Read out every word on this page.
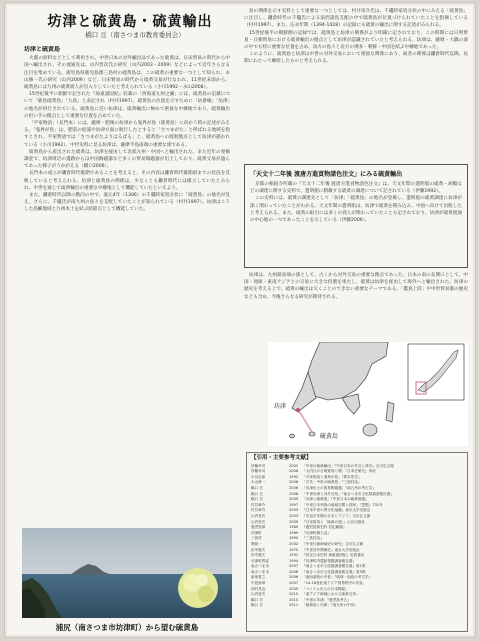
坊津と硫黄島・硫黄輸出
橋口 亘（南さつま市教育委員会）
坊津と硫黄島

火薬の原料などとして利用され、中世日本の対外輸出品であった硫黄は、日宋貿易の時代から中国へ輸出され、その流通先は、山内晋次氏の研究（山内2003・2009）などによって近年さらなる注目を集めている。鹿児島県鹿児島郡三島村の硫黄島は、この硫黄の重要な一つとして知られ、永山修一氏の研究（山内2009）など、日宋貿易の時代から硫黄交易が行なわれ、11世紀末頃から、硫黄島には九州の硫黄商人が出入りしていたと考えられている（小川1992・永山2008）。

15世紀後半に朝鮮で記された『海東諸国紀』収載の「西海道九州之圖」には、硫黄島の記載について「鹿島硫黄島」「九島」と表記され（村井1997）、硫黄島の位置を示すために「坊掛嶋」「坊津」の地名が併行されている。硫黄島に近い坊津は、硫黄輸出に極めて密接な中継地であり、硫黄輸出の担い手の拠点として重要な位置を占めていた。

「平家物語」（長門本）には、薩摩・肥後の坊津から鬼界が島（硫黄島）に向かう時の記述がみえる。「鬼界が島」は、肥前の松浦や坊津方面に航行したとすると「さつまがた」と呼ばれる地域を指すとされ、平家物語では「さつまがたよりはるばる」と、硫黄島への渡航拠点として坊津が描かれている（小川1992）。中世史料に見る坊津は、薩摩半島南端の重要な湊である。

硫黄島から産出された硫黄は、坊津を経由して北部九州・中国へと輸出された。また近年の発掘調査で、坊津周辺の遺跡からは中国陶磁器など多くの貿易陶磁器が出土しており、硫黄交易が盛んであった様子がうかがえる（橋口2006）。

長門本の成立が鎌倉時代後期であることを考えると、その内容は鎌倉時代後期頃までの状況を反映していると考えられる。坊津と硫黄島の関係は、少なくとも鎌倉時代には確立していたとみられ、中世を通じて硫黄輸出の重要な中継地として機能していたといえよう。

また、鎌倉時代以降の動向の中で、嘉元4年（1306）の千竈時家処分状に「硫黄島」の地名が見え、さらに、千竈氏が南九州の島々を支配していたことが知られている（村井1997）。坊津はこうした島嶼地域と九州本土を結ぶ結節点として機能していた。

島の関係を示す史料として重要な一つとしては、村井章介氏は、千竈時家処分状の中にみえる「硫黄島」に注目し、鎌倉時代の千竈氏による南西諸島支配の中で硫黄島が位置づけられていたことを指摘している（村井1997）。また、応永年間（1394-1428）の記録にも硫黄の輸出に関する記述がみられる。

15世紀後半の朝鮮側の記録では、硫黄島と坊津の関係がより明確に記されており、この時期には日明貿易・日朝貿易における硫黄輸出の拠点として坊津が認識されていたと考えられる。坊津は、薩摩・大隅の湊の中でも特に重要な位置を占め、南方の島々と北方の博多・朝鮮・中国を結ぶ中継地であった。

このように、硫黄島と坊津は中世の対外交易において密接な関係にあり、両者の関係は鎌倉時代以降、長期にわたって継続したものと考えられる。

「天文十二年後 渡唐方進貢物諸色注文」にみる硫黄輸出

京都の相国寺所蔵の『天文十二年後 渡唐方進貢物諸色注文』は、天文年間の遣明船の硫黄・胡椒などの調達に関する史料で、遣明船に積載する硫黄の調達について記されている（伊藤1992）。

この史料には、硫黄の調達先として「坊津」「硫黄島」の地名が登場し、遣明船の硫黄調達に坊津が深く関わっていたことがわかる。天文年間の遣明船は、坊津で硫黄を積み込み、中国へ向けて出航したと考えられる。また、硫黄の取引には多くの商人が関わっていたことも記されており、坊津が硫黄流通の中心地の一つであったことを示している（伊藤2006）。

坊津は、九州最南端の湊として、古くから対外交易の重要な拠点であった。日本の南の玄関口として、中国・琉球・東南アジアとの交易に大きな役割を果たし、硫黄は坊津を経由して海外へと輸出された。坊津の歴史を考える上で、硫黄の輸出は欠くことのできない重要なテーマである。「鑑真上陸」や中世貿易港の歴史なども含め、今後さらなる研究が期待される。

坊津
硫黄島
【引用・主要参考文献】
伊藤幸司	2002 「中世の硫黄輸出」『中世日本の外交と禅宗』吉川弘文館
伊藤幸司	2006 「大内氏の日明貿易と堺」『日本史研究』所収
小川弘和	1992 「平家物語と鬼界が島」『熊本史学』
永山修一	2008 「古代・中世の硫黄島」『三島村誌』
橋口 亘	2006 「坊津出土の貿易陶磁器」『南九州の考古学』
橋口 亘	2008 「中世坊津と対外交易」『南さつま市文化財調査報告書』
橋口 亘	2009 「坊津と硫黄島」『中世日本の硫黄流通』
村井章介	1997 「中世日本列島の地域空間と国家」『思想』732号
村井章介	2005 『日本中世の異文化接触』東京大学出版会
山内晋次	2003 『奈良平安期の日本とアジア』吉川弘文館
山内晋次	2009 『日宋貿易と「硫黄の道」』山川出版社
鹿児島県	1980 『鹿児島県史料 旧記雑録』
坊津町	1969 『坊津町郷土誌』
三島村	1990 『三島村誌』
関周一	2002 『中世日朝海域史の研究』吉川弘文館
田中健夫	1975 『中世対外関係史』東京大学出版会
田中健夫	1991 『訳注日本史料 海東諸国紀』岩波書店
坊津町教委	1994 『坊津町内遺跡発掘調査報告書』
南さつま市	2007 『南さつま市文化財調査報告書』第1集
南さつま市	2008 『南さつま市文化財調査報告書』第3集
新里貴之	2006 「南西諸島の中世」『琉球・南島の考古学』
中島楽章	2007 「14-16世紀東アジア貿易秩序の変容」
西村昌也	2005 「ベトナム出土の日本陶磁」
山内晋次	2010 「東アジア海域における硫黄交易」
橋口 亘	2010 「中世の坊津」『鹿児島考古』
橋口 亘	2011 「硫黄島と坊津」『南九州の中世』
浦尻（南さつま市坊津町）から望む硫黄島
